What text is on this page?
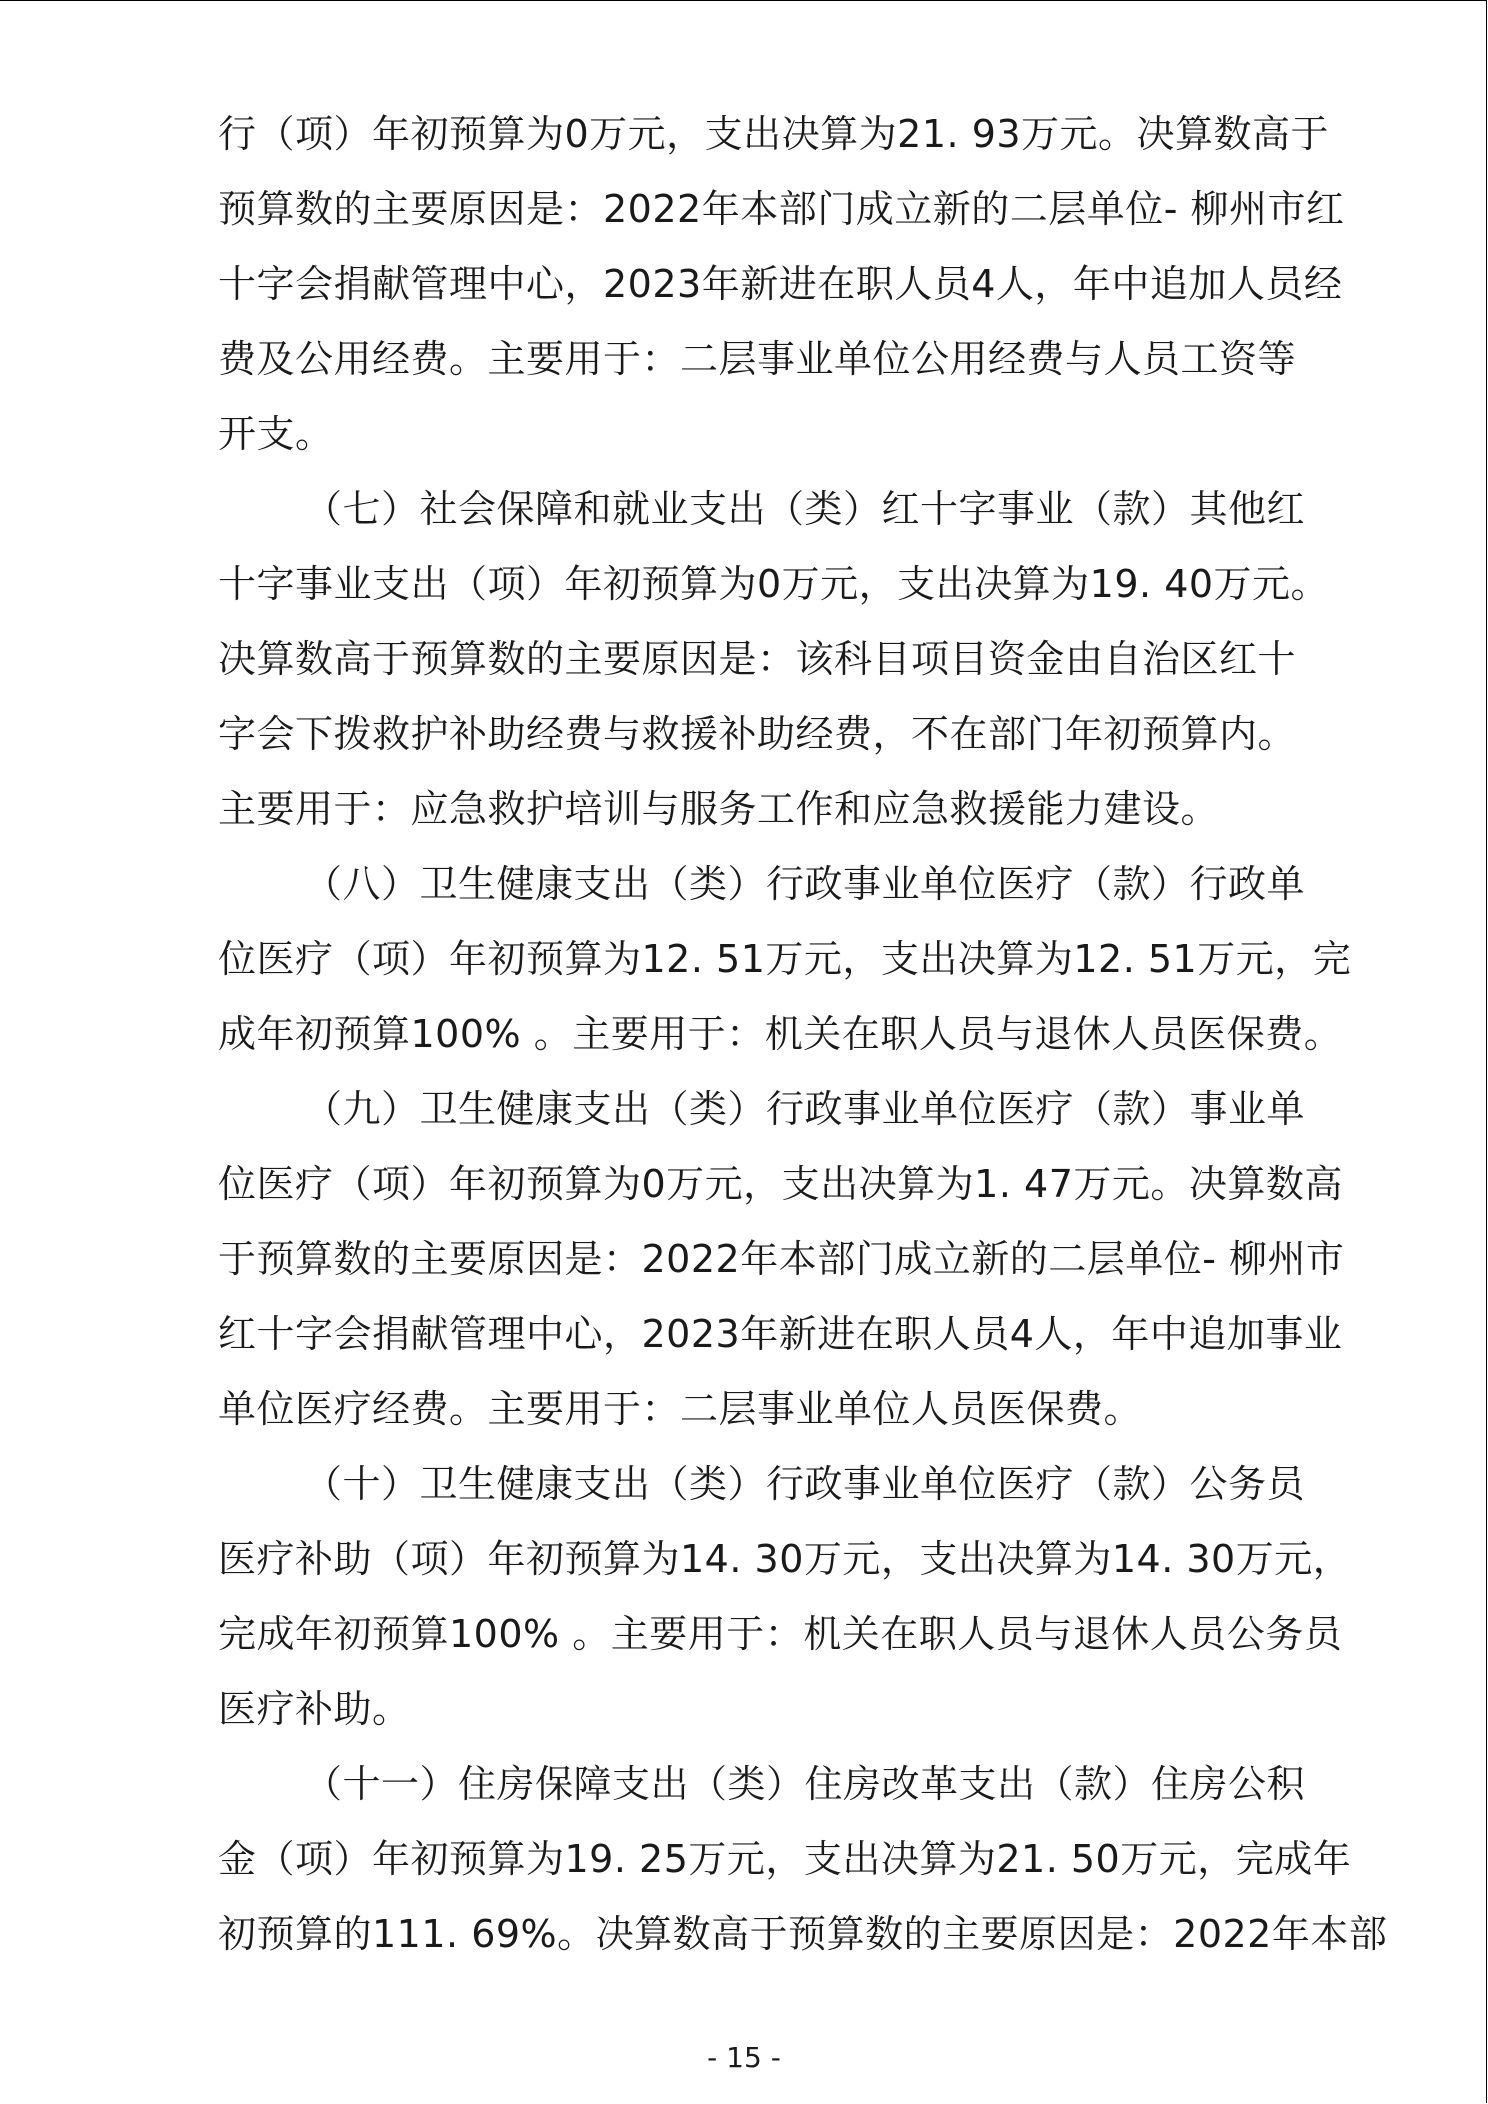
行（项）年初预算为0万元，支出决算为21. 93万元。决算数高于
预算数的主要原因是：2022年本部门成立新的二层单位- 柳州市红
十字会捐献管理中心，2023年新进在职人员4人，年中追加人员经
费及公用经费。主要用于：二层事业单位公用经费与人员工资等
开支。
（七）社会保障和就业支出（类）红十字事业（款）其他红
十字事业支出（项）年初预算为0万元，支出决算为19. 40万元。
决算数高于预算数的主要原因是：该科目项目资金由自治区红十
字会下拨救护补助经费与救援补助经费，不在部门年初预算内。
主要用于：应急救护培训与服务工作和应急救援能力建设。
（八）卫生健康支出（类）行政事业单位医疗（款）行政单
位医疗（项）年初预算为12. 51万元，支出决算为12. 51万元，完
成年初预算100% 。主要用于：机关在职人员与退休人员医保费。
（九）卫生健康支出（类）行政事业单位医疗（款）事业单
位医疗（项）年初预算为0万元，支出决算为1. 47万元。决算数高
于预算数的主要原因是：2022年本部门成立新的二层单位- 柳州市
红十字会捐献管理中心，2023年新进在职人员4人，年中追加事业
单位医疗经费。主要用于：二层事业单位人员医保费。
（十）卫生健康支出（类）行政事业单位医疗（款）公务员
医疗补助（项）年初预算为14. 30万元，支出决算为14. 30万元，
完成年初预算100% 。主要用于：机关在职人员与退休人员公务员
医疗补助。
（十一）住房保障支出（类）住房改革支出（款）住房公积
金（项）年初预算为19. 25万元，支出决算为21. 50万元，完成年
初预算的111. 69%。决算数高于预算数的主要原因是：2022年本部
- 15 -
